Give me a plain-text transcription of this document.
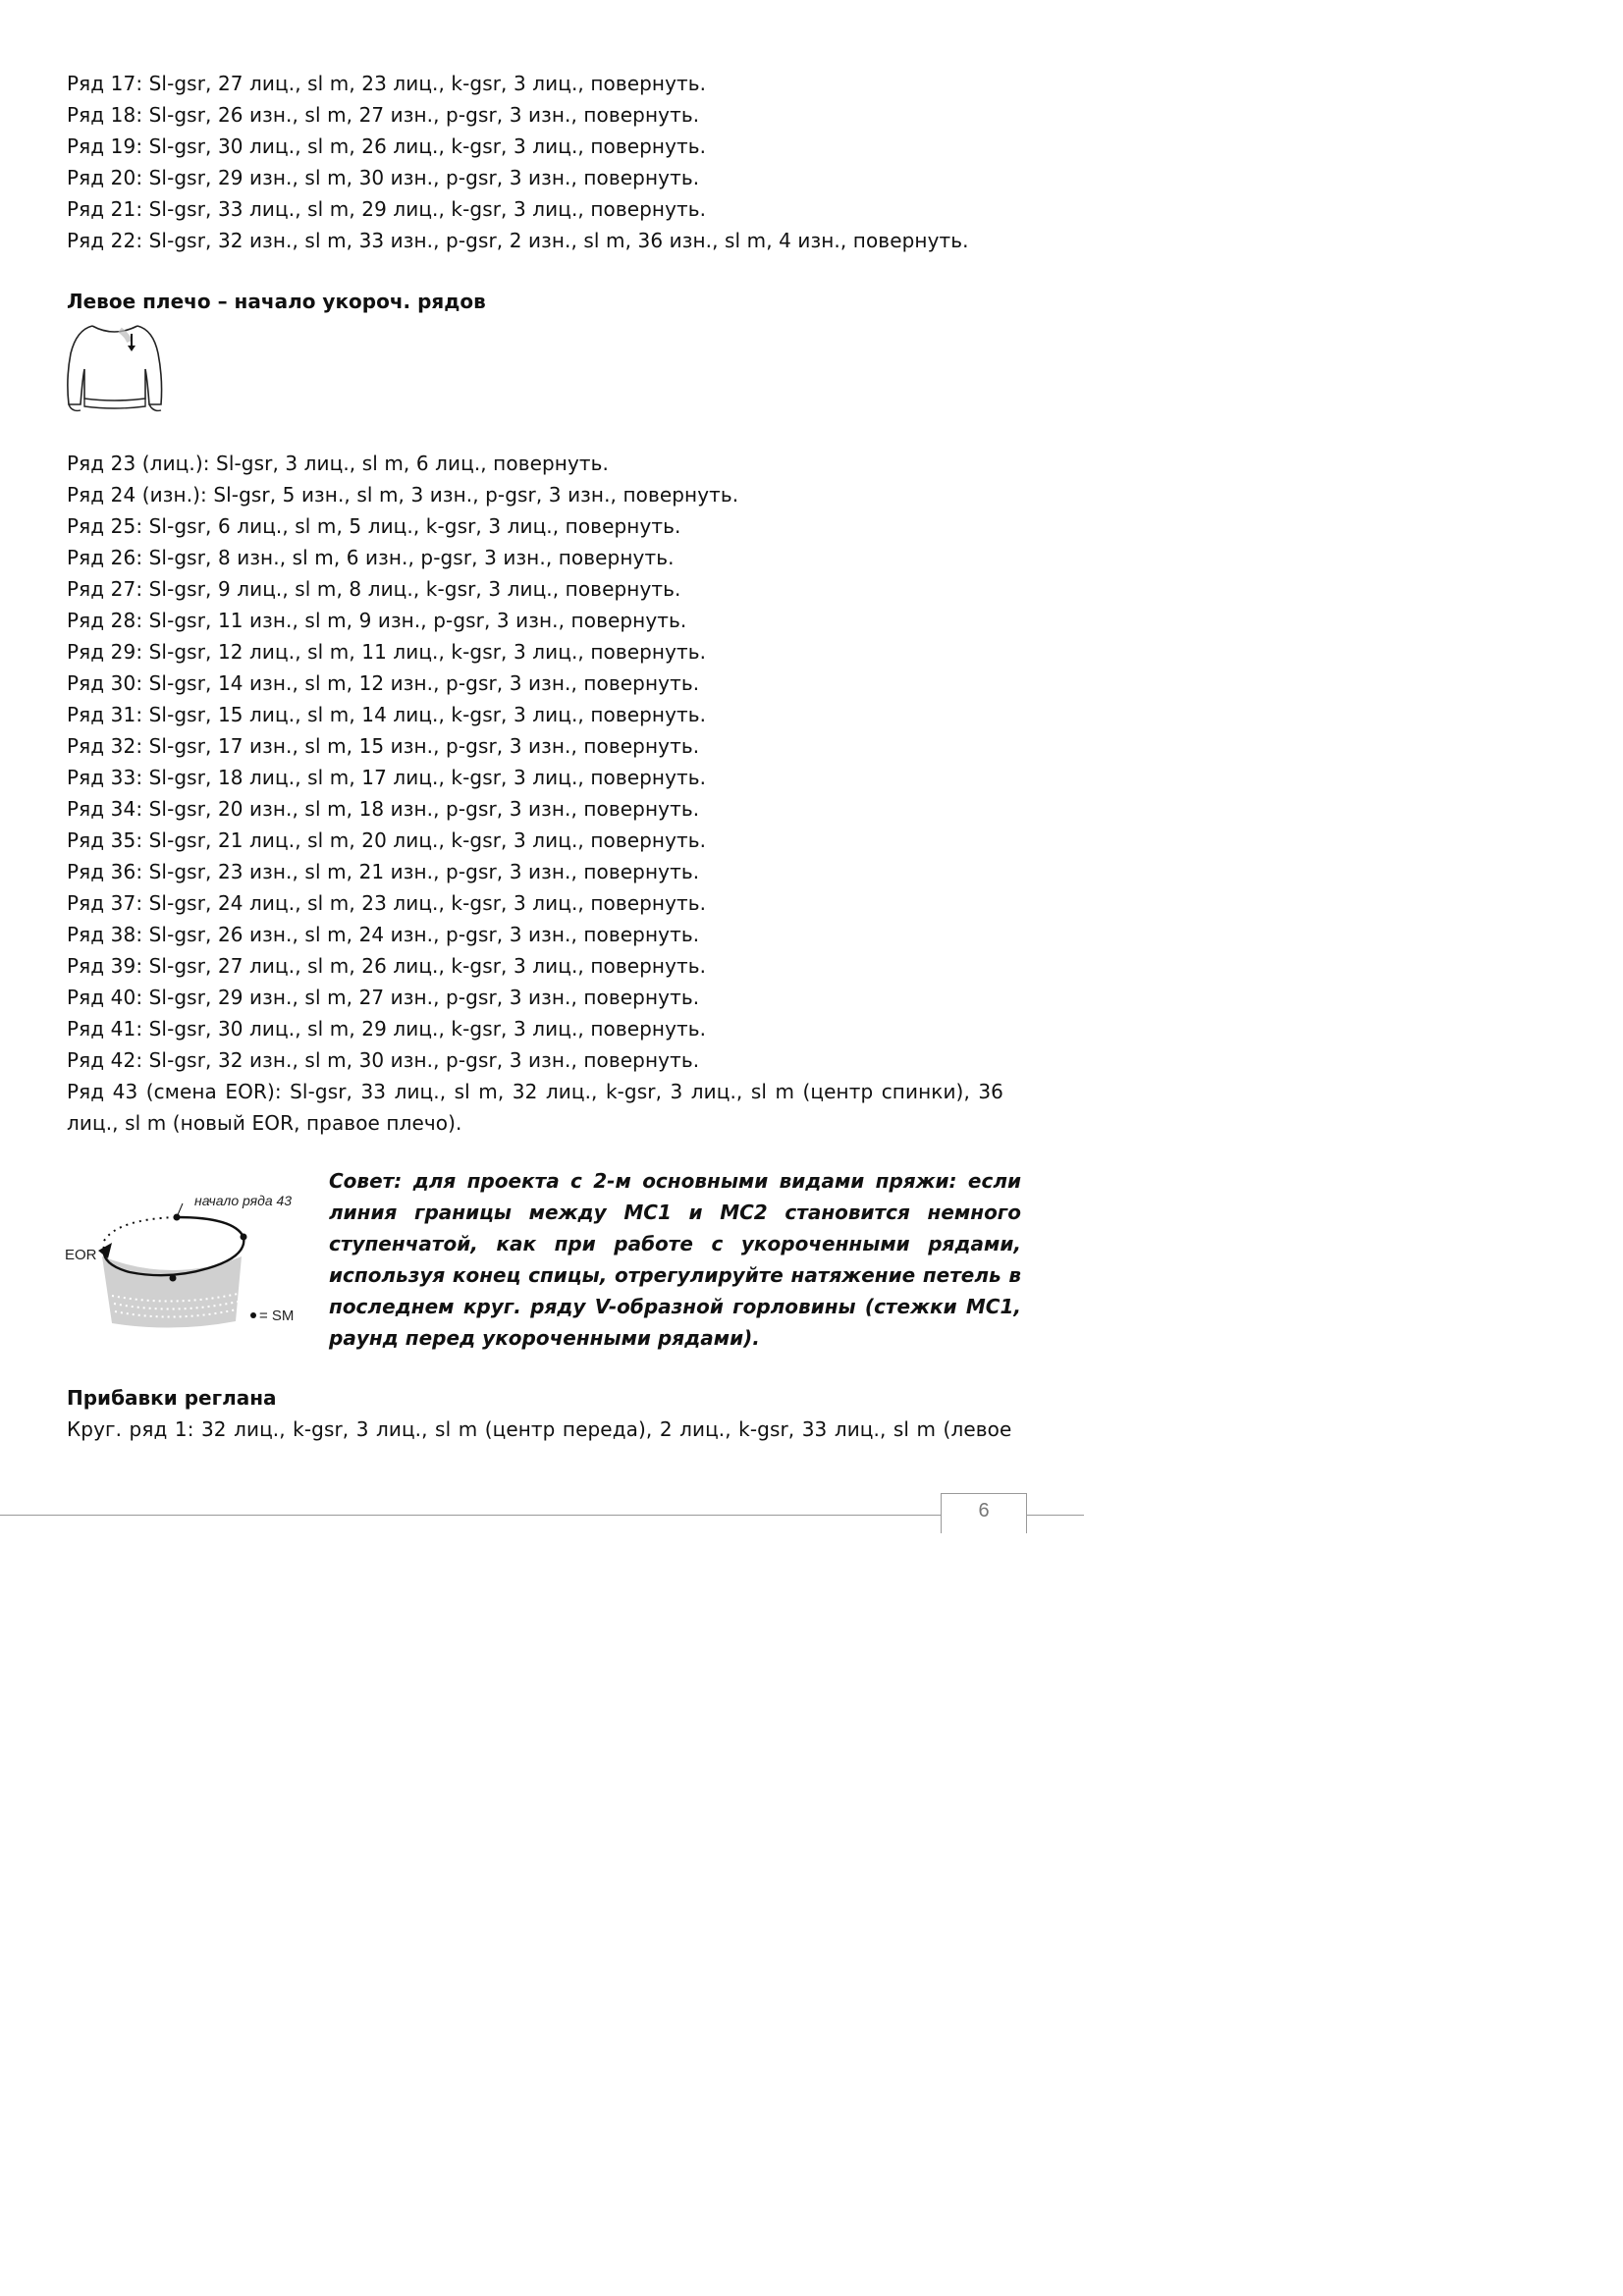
Ряд 17: Sl-gsr, 27 лиц., sl m, 23 лиц., k-gsr, 3 лиц., повернуть.
Ряд 18: Sl-gsr, 26 изн., sl m, 27 изн., p-gsr, 3 изн., повернуть.
Ряд 19: Sl-gsr, 30 лиц., sl m, 26 лиц., k-gsr, 3 лиц., повернуть.
Ряд 20: Sl-gsr, 29 изн., sl m, 30 изн., p-gsr, 3 изн., повернуть.
Ряд 21: Sl-gsr, 33 лиц., sl m, 29 лиц., k-gsr, 3 лиц., повернуть.
Ряд 22: Sl-gsr, 32 изн., sl m, 33 изн., p-gsr, 2 изн., sl m, 36 изн., sl m, 4 изн., повернуть.
Левое плечо – начало укороч. рядов
Ряд 23 (лиц.): Sl-gsr, 3 лиц., sl m, 6 лиц., повернуть.
Ряд 24 (изн.): Sl-gsr, 5 изн., sl m, 3 изн., p-gsr, 3 изн., повернуть.
Ряд 25: Sl-gsr, 6 лиц., sl m, 5 лиц., k-gsr, 3 лиц., повернуть.
Ряд 26: Sl-gsr, 8 изн., sl m, 6 изн., p-gsr, 3 изн., повернуть.
Ряд 27: Sl-gsr, 9 лиц., sl m, 8 лиц., k-gsr, 3 лиц., повернуть.
Ряд 28: Sl-gsr, 11 изн., sl m, 9 изн., p-gsr, 3 изн., повернуть.
Ряд 29: Sl-gsr, 12 лиц., sl m, 11 лиц., k-gsr, 3 лиц., повернуть.
Ряд 30: Sl-gsr, 14 изн., sl m, 12 изн., p-gsr, 3 изн., повернуть.
Ряд 31: Sl-gsr, 15 лиц., sl m, 14 лиц., k-gsr, 3 лиц., повернуть.
Ряд 32: Sl-gsr, 17 изн., sl m, 15 изн., p-gsr, 3 изн., повернуть.
Ряд 33: Sl-gsr, 18 лиц., sl m, 17 лиц., k-gsr, 3 лиц., повернуть.
Ряд 34: Sl-gsr, 20 изн., sl m, 18 изн., p-gsr, 3 изн., повернуть.
Ряд 35: Sl-gsr, 21 лиц., sl m, 20 лиц., k-gsr, 3 лиц., повернуть.
Ряд 36: Sl-gsr, 23 изн., sl m, 21 изн., p-gsr, 3 изн., повернуть.
Ряд 37: Sl-gsr, 24 лиц., sl m, 23 лиц., k-gsr, 3 лиц., повернуть.
Ряд 38: Sl-gsr, 26 изн., sl m, 24 изн., p-gsr, 3 изн., повернуть.
Ряд 39: Sl-gsr, 27 лиц., sl m, 26 лиц., k-gsr, 3 лиц., повернуть.
Ряд 40: Sl-gsr, 29 изн., sl m, 27 изн., p-gsr, 3 изн., повернуть.
Ряд 41: Sl-gsr, 30 лиц., sl m, 29 лиц., k-gsr, 3 лиц., повернуть.
Ряд 42: Sl-gsr, 32 изн., sl m, 30 изн., p-gsr, 3 изн., повернуть.
Ряд 43 (смена EOR): Sl-gsr, 33 лиц., sl m, 32 лиц., k-gsr, 3 лиц., sl m (центр спинки), 36
лиц., sl m (новый EOR, правое плечо).
начало ряда 43
EOR
= SM
Совет: для проекта с 2-м основными видами пряжи: если
линия границы между MC1 и MC2 становится немного
ступенчатой, как при работе с укороченными рядами,
используя конец спицы, отрегулируйте натяжение петель в
последнем круг. ряду V-образной горловины (стежки MC1,
раунд перед укороченными рядами).
Прибавки реглана
Круг. ряд 1: 32 лиц., k-gsr, 3 лиц., sl m (центр переда), 2 лиц., k-gsr, 33 лиц., sl m (левое
6
